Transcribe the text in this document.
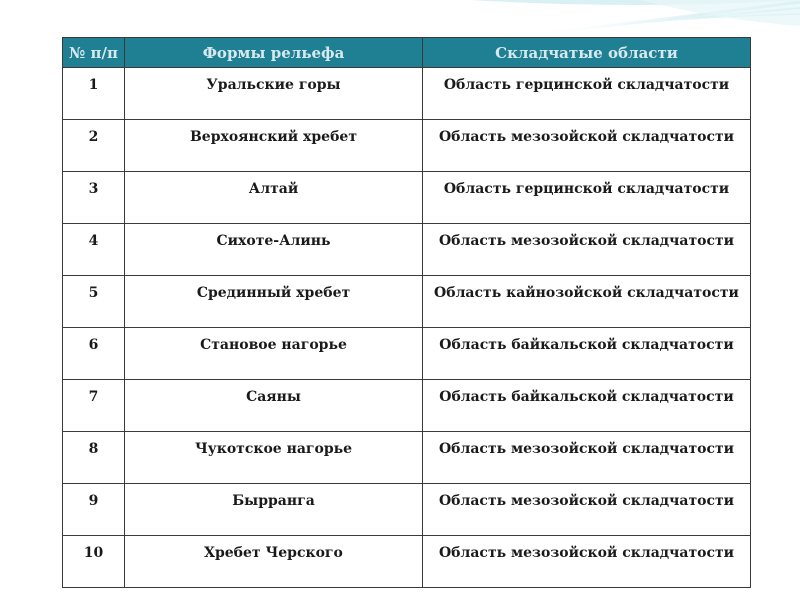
№ п/п	Формы рельефа	Складчатые области
1	Уральские горы	Область герцинской складчатости
2	Верхоянский хребет	Область мезозойской складчатости
3	Алтай	Область герцинской складчатости
4	Сихоте-Алинь	Область мезозойской складчатости
5	Срединный хребет	Область кайнозойской складчатости
6	Становое нагорье	Область байкальской складчатости
7	Саяны	Область байкальской складчатости
8	Чукотское нагорье	Область мезозойской складчатости
9	Бырранга	Область мезозойской складчатости
10	Хребет Черского	Область мезозойской складчатости
